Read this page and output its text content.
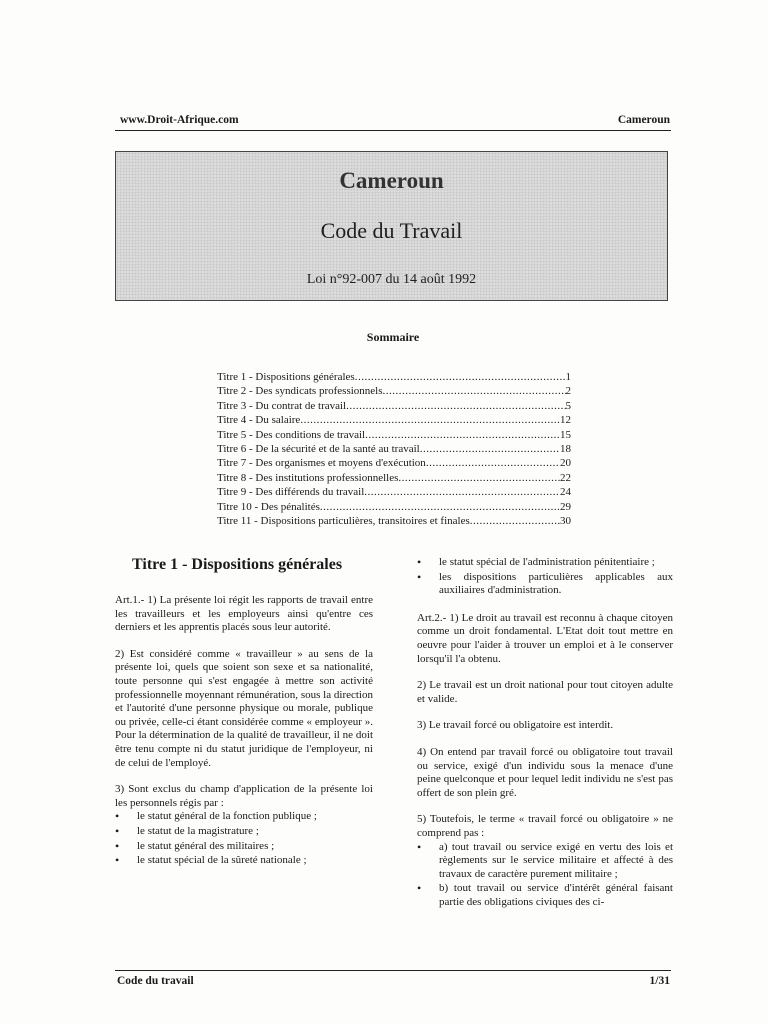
www.Droit-Afrique.com	Cameroun
Cameroun
Code du Travail
Loi n°92-007 du 14 août 1992
Sommaire
Titre 1 - Dispositions générales .....	1
Titre 2 - Des syndicats professionnels .....	2
Titre 3 - Du contrat de travail .....	5
Titre 4 - Du salaire .....	12
Titre 5 - Des conditions de travail .....	15
Titre 6 - De la sécurité et de la santé au travail .....	18
Titre 7 - Des organismes et moyens d'exécution .....	20
Titre 8 - Des institutions professionnelles .....	22
Titre 9 - Des différends du travail .....	24
Titre 10 - Des pénalités .....	29
Titre 11 - Dispositions particulières, transitoires et finales .....	30
Titre 1 - Dispositions générales

Art.1.- 1) La présente loi régit les rapports de travail entre les travailleurs et les employeurs ainsi qu'entre ces derniers et les apprentis placés sous leur autorité.

2) Est considéré comme « travailleur » au sens de la présente loi, quels que soient son sexe et sa nationalité, toute personne qui s'est engagée à mettre son activité professionnelle moyennant rémunération, sous la direction et l'autorité d'une personne physique ou morale, publique ou privée, celle-ci étant considérée comme « employeur ». Pour la détermination de la qualité de travailleur, il ne doit être tenu compte ni du statut juridique de l'employeur, ni de celui de l'employé.

3) Sont exclus du champ d'application de la présente loi les personnels régis par :

• le statut général de la fonction publique ;
• le statut de la magistrature ;
• le statut général des militaires ;
• le statut spécial de la sûreté nationale ;
• le statut spécial de l'administration pénitentiaire ;
• les dispositions particulières applicables aux auxiliaires d'administration.

Art.2.- 1) Le droit au travail est reconnu à chaque citoyen comme un droit fondamental. L'Etat doit tout mettre en oeuvre pour l'aider à trouver un emploi et à le conserver lorsqu'il l'a obtenu.

2) Le travail est un droit national pour tout citoyen adulte et valide.

3) Le travail forcé ou obligatoire est interdit.

4) On entend par travail forcé ou obligatoire tout travail ou service, exigé d'un individu sous la menace d'une peine quelconque et pour lequel ledit individu ne s'est pas offert de son plein gré.

5) Toutefois, le terme « travail forcé ou obligatoire » ne comprend pas :

• a) tout travail ou service exigé en vertu des lois et règlements sur le service militaire et affecté à des travaux de caractère purement militaire ;
• b) tout travail ou service d'intérêt général faisant partie des obligations civiques des ci-
Code du travail	1/31
